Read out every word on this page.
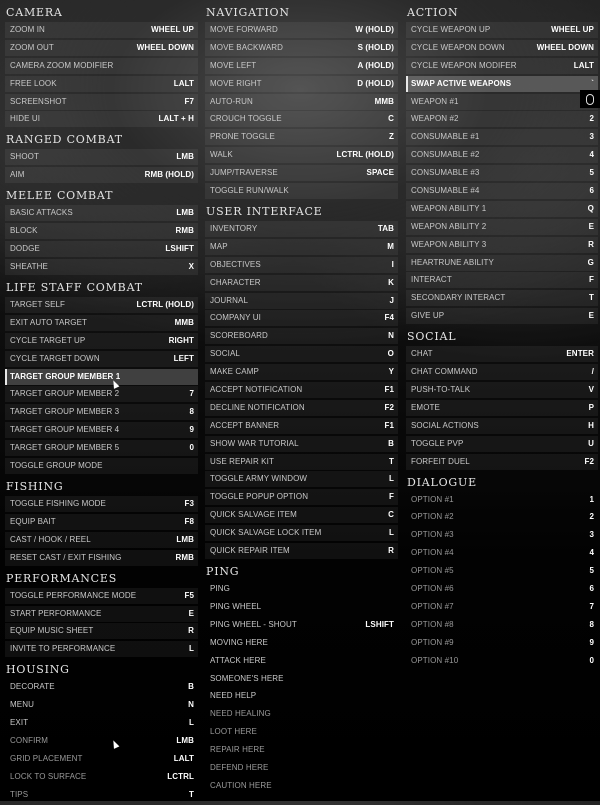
CAMERA
ZOOM IN	WHEEL UP
ZOOM OUT	WHEEL DOWN
CAMERA ZOOM MODIFIER
FREE LOOK	LALT
SCREENSHOT	F7
HIDE UI	LALT + H
RANGED COMBAT
SHOOT	LMB
AIM	RMB (HOLD)
MELEE COMBAT
BASIC ATTACKS	LMB
BLOCK	RMB
DODGE	LSHIFT
SHEATHE	X
LIFE STAFF COMBAT
TARGET SELF	LCTRL (HOLD)
EXIT AUTO TARGET	MMB
CYCLE TARGET UP	RIGHT
CYCLE TARGET DOWN	LEFT
TARGET GROUP MEMBER 1
TARGET GROUP MEMBER 2	7
TARGET GROUP MEMBER 3	8
TARGET GROUP MEMBER 4	9
TARGET GROUP MEMBER 5	0
TOGGLE GROUP MODE
FISHING
TOGGLE FISHING MODE	F3
EQUIP BAIT	F8
CAST / HOOK / REEL	LMB
RESET CAST / EXIT FISHING	RMB
PERFORMANCES
TOGGLE PERFORMANCE MODE	F5
START PERFORMANCE	E
EQUIP MUSIC SHEET	R
INVITE TO PERFORMANCE	L
HOUSING
DECORATE	B
MENU	N
EXIT	L
CONFIRM	LMB
GRID PLACEMENT	LALT
LOCK TO SURFACE	LCTRL
TIPS	T
NAVIGATION
MOVE FORWARD	W (HOLD)
MOVE BACKWARD	S (HOLD)
MOVE LEFT	A (HOLD)
MOVE RIGHT	D (HOLD)
AUTO-RUN	MMB
CROUCH TOGGLE	C
PRONE TOGGLE	Z
WALK	LCTRL (HOLD)
JUMP/TRAVERSE	SPACE
TOGGLE RUN/WALK
USER INTERFACE
INVENTORY	TAB
MAP	M
OBJECTIVES	I
CHARACTER	K
JOURNAL	J
COMPANY UI	F4
SCOREBOARD	N
SOCIAL	O
MAKE CAMP	Y
ACCEPT NOTIFICATION	F1
DECLINE NOTIFICATION	F2
ACCEPT BANNER	F1
SHOW WAR TUTORIAL	B
USE REPAIR KIT	T
TOGGLE ARMY WINDOW	L
TOGGLE POPUP OPTION	F
QUICK SALVAGE ITEM	C
QUICK SALVAGE LOCK ITEM	L
QUICK REPAIR ITEM	R
PING
PING
PING WHEEL
PING WHEEL - SHOUT	LSHIFT
MOVING HERE
ATTACK HERE
SOMEONE'S HERE
NEED HELP
NEED HEALING
LOOT HERE
REPAIR HERE
DEFEND HERE
CAUTION HERE
ACTION
CYCLE WEAPON UP	WHEEL UP
CYCLE WEAPON DOWN	WHEEL DOWN
CYCLE WEAPON MODIFER	LALT
SWAP ACTIVE WEAPONS	`
WEAPON #1
WEAPON #2	2
CONSUMABLE #1	3
CONSUMABLE #2	4
CONSUMABLE #3	5
CONSUMABLE #4	6
WEAPON ABILITY 1	Q
WEAPON ABILITY 2	E
WEAPON ABILITY 3	R
HEARTRUNE ABILITY	G
INTERACT	F
SECONDARY INTERACT	T
GIVE UP	E
SOCIAL
CHAT	ENTER
CHAT COMMAND	/
PUSH-TO-TALK	V
EMOTE	P
SOCIAL ACTIONS	H
TOGGLE PVP	U
FORFEIT DUEL	F2
DIALOGUE
OPTION #1	1
OPTION #2	2
OPTION #3	3
OPTION #4	4
OPTION #5	5
OPTION #6	6
OPTION #7	7
OPTION #8	8
OPTION #9	9
OPTION #10	0
